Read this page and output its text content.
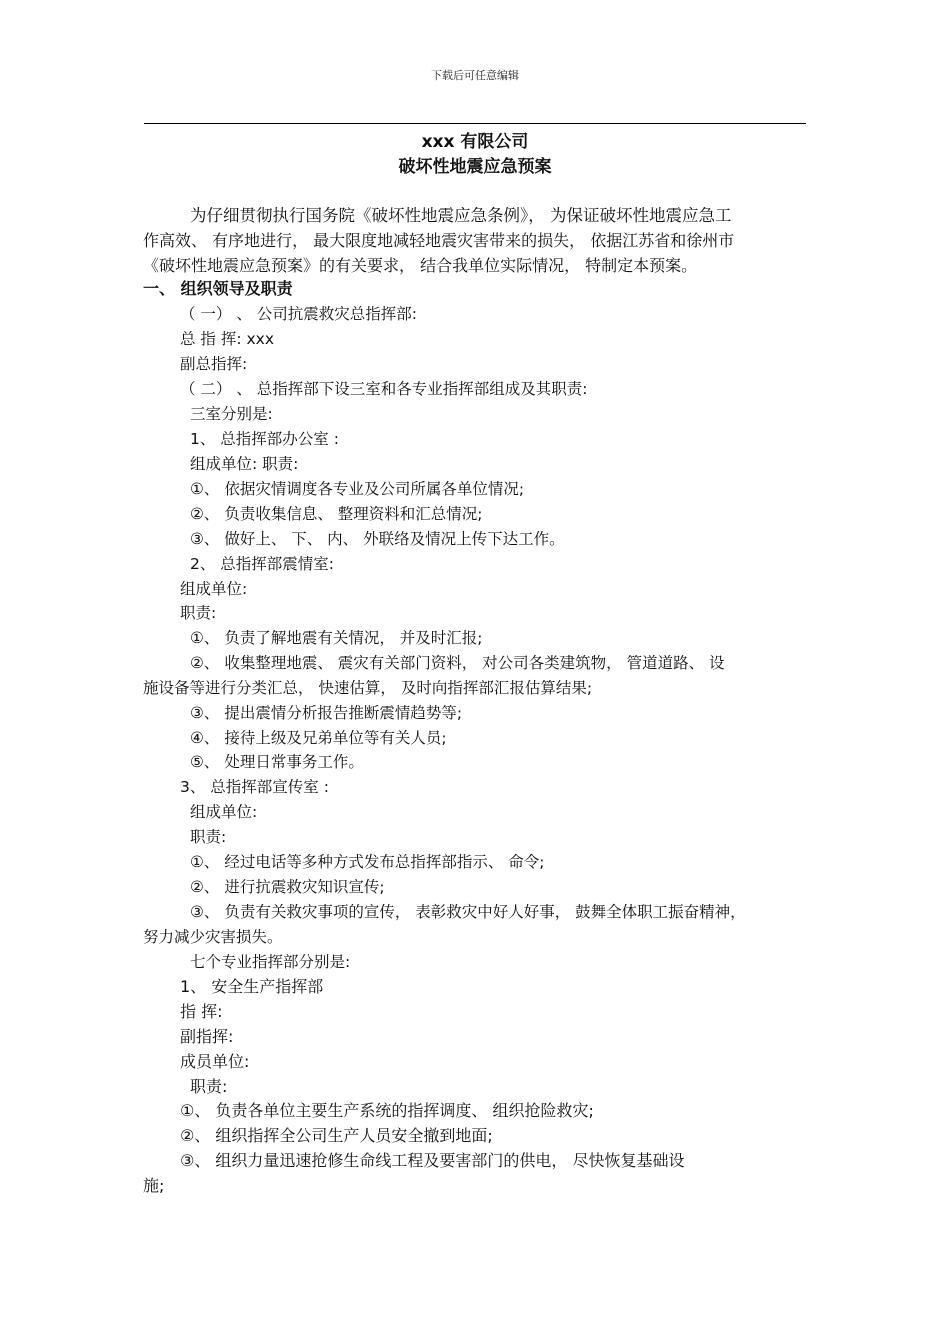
下载后可任意编辑
xxx 有限公司
破坏性地震应急预案
为仔细贯彻执行国务院《破坏性地震应急条例》， 为保证破坏性地震应急工
作高效、 有序地进行， 最大限度地减轻地震灾害带来的损失， 依据江苏省和徐州市
《破坏性地震应急预案》的有关要求， 结合我单位实际情况， 特制定本预案。
一、 组织领导及职责
（ 一） 、 公司抗震救灾总指挥部:
总 指 挥: xxx
副总指挥:
（ 二） 、 总指挥部下设三室和各专业指挥部组成及其职责:
三室分别是:
1、 总指挥部办公室 :
组成单位: 职责:
①、 依据灾情调度各专业及公司所属各单位情况;
②、 负责收集信息、 整理资料和汇总情况;
③、 做好上、 下、 内、 外联络及情况上传下达工作。
2、 总指挥部震情室:
组成单位:
职责:
①、 负责了解地震有关情况， 并及时汇报;
②、 收集整理地震、 震灾有关部门资料， 对公司各类建筑物， 管道道路、 设
施设备等进行分类汇总， 快速估算， 及时向指挥部汇报估算结果;
③、 提出震情分析报告推断震情趋势等;
④、 接待上级及兄弟单位等有关人员;
⑤、 处理日常事务工作。
3、 总指挥部宣传室 :
组成单位:
职责:
①、 经过电话等多种方式发布总指挥部指示、 命令;
②、 进行抗震救灾知识宣传;
③、 负责有关救灾事项的宣传， 表彰救灾中好人好事， 鼓舞全体职工振奋精神，
努力减少灾害损失。
七个专业指挥部分别是:
1、 安全生产指挥部
指 挥:
副指挥:
成员单位:
职责:
①、 负责各单位主要生产系统的指挥调度、 组织抢险救灾;
②、 组织指挥全公司生产人员安全撤到地面;
③、 组织力量迅速抢修生命线工程及要害部门的供电， 尽快恢复基础设
施;
